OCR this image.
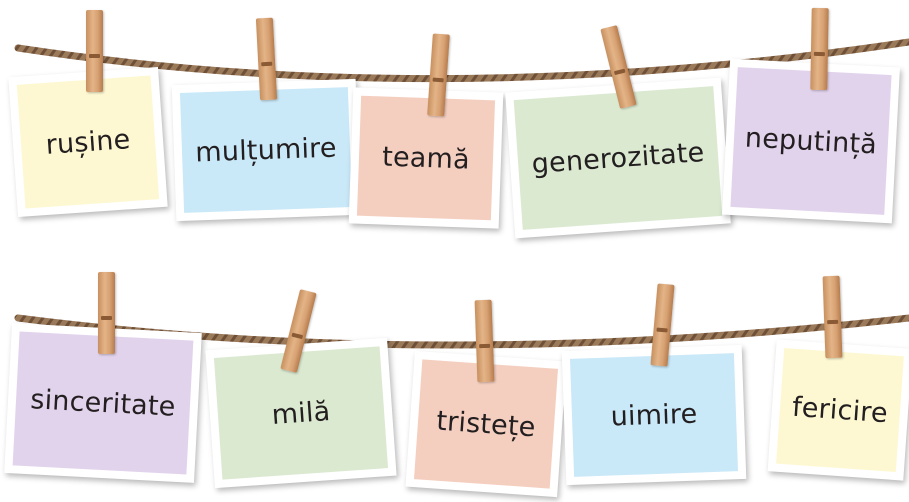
rușine mulțumire teamă generozitate neputință
sinceritate	milă	tristețe	uimire	fericire
